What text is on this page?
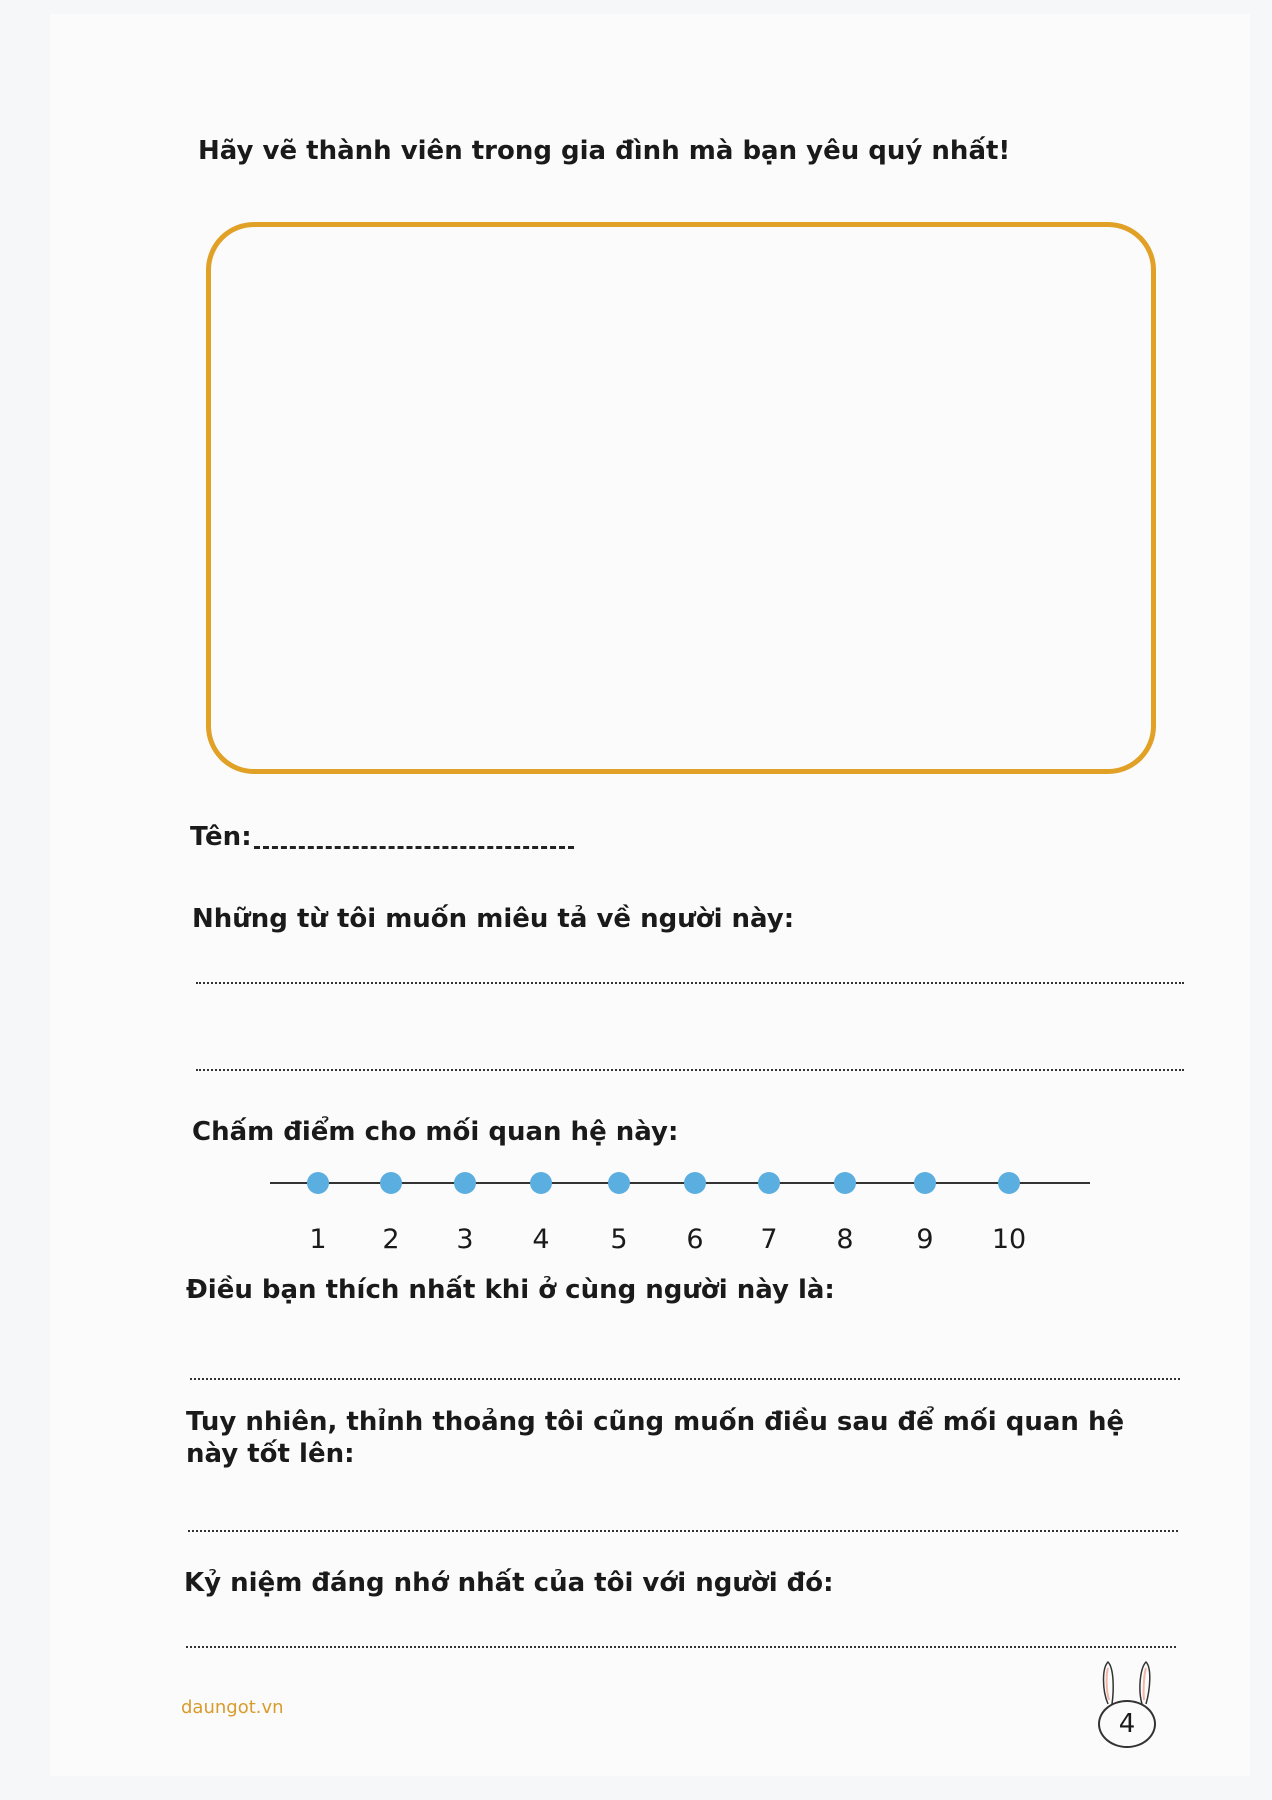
Hãy vẽ thành viên trong gia đình mà bạn yêu quý nhất!
Tên:
Những từ tôi muốn miêu tả về người này:
Chấm điểm cho mối quan hệ này:
1	2	3	4	5	6	7	8	9	10
Điều bạn thích nhất khi ở cùng người này là:
Tuy nhiên, thỉnh thoảng tôi cũng muốn điều sau để mối quan hệ này tốt lên:
Kỷ niệm đáng nhớ nhất của tôi với người đó:
daungot.vn
4
